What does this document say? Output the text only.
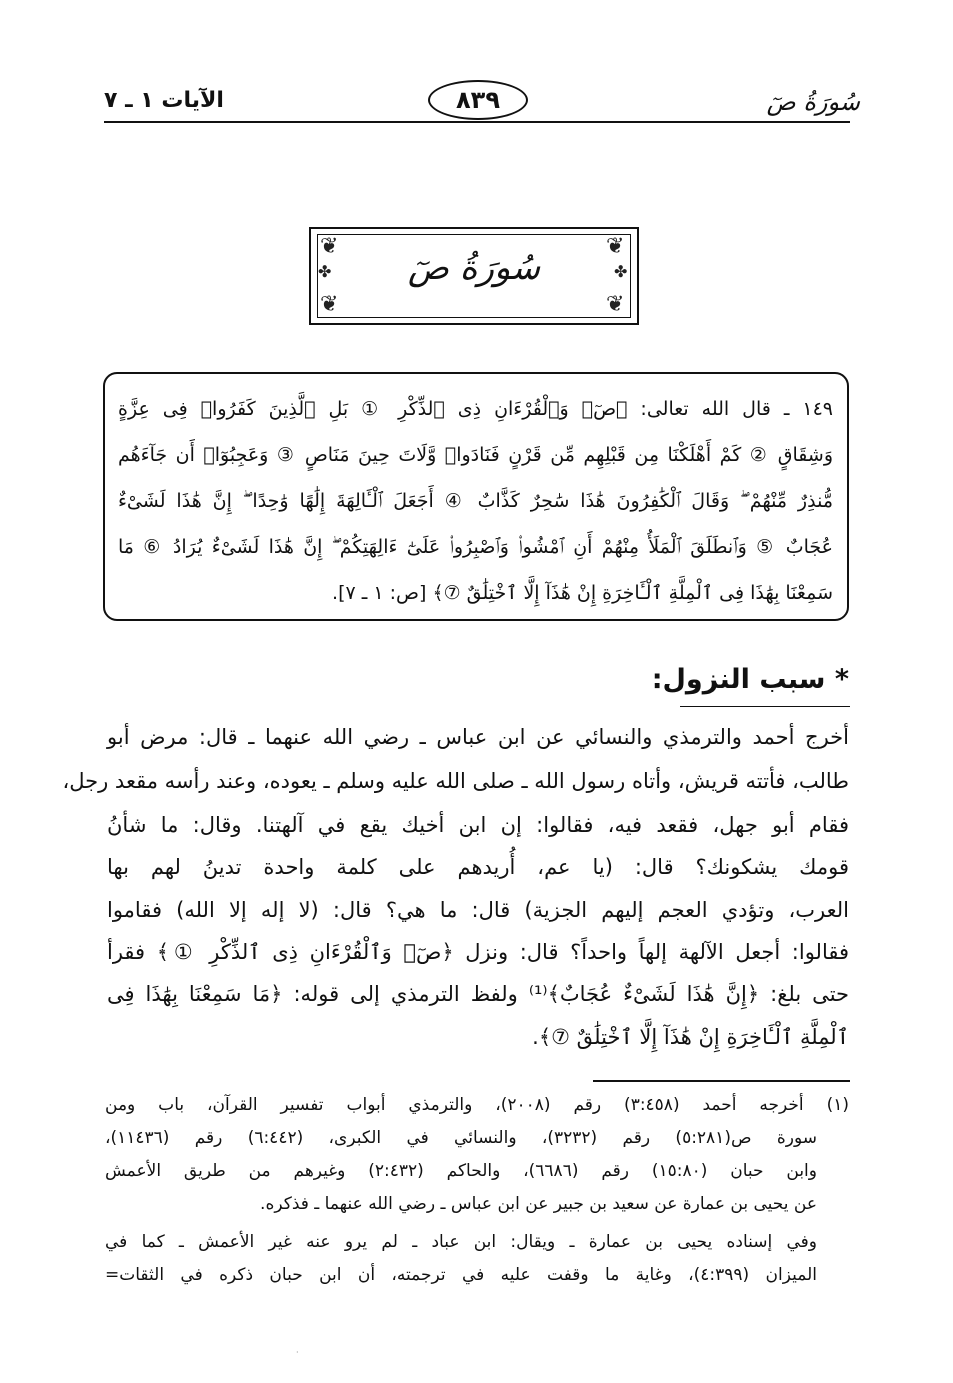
سُورَةُ صٓ
٨٣٩
الآيات ١ ـ ٧
❦	❦
❦	❦
✤	✤
سُورَةُ صٓ
١٤٩ ـ قال الله تعالى: ﴿صٓۚ وَٱلْقُرْءَانِ ذِى ٱلذِّكْرِ ① بَلِ ٱلَّذِينَ كَفَرُوا۟ فِى عِزَّةٍ
وَشِقَاقٍ ② كَمْ أَهْلَكْنَا مِن قَبْلِهِم مِّن قَرْنٍ فَنَادَوا۟ وَّلَاتَ حِينَ مَنَاصٍ ③ وَعَجِبُوٓا۟ أَن جَآءَهُم
مُّنذِرٌ مِّنْهُمْ ۖ وَقَالَ ٱلْكَٰفِرُونَ هَٰذَا سَٰحِرٌ كَذَّابٌ ④ أَجَعَلَ ٱلْـَٔالِهَةَ إِلَٰهًا وَٰحِدًا ۖ إِنَّ هَٰذَا لَشَىْءٌ
عُجَابٌ ⑤ وَٱنطَلَقَ ٱلْمَلَأُ مِنْهُمْ أَنِ ٱمْشُوا۟ وَٱصْبِرُوا۟ عَلَىٰٓ ءَالِهَتِكُمْ ۖ إِنَّ هَٰذَا لَشَىْءٌ يُرَادُ ⑥ مَا
سَمِعْنَا بِهَٰذَا فِى ٱلْمِلَّةِ ٱلْـَٔاخِرَةِ إِنْ هَٰذَآ إِلَّا ٱخْتِلَٰقٌ ⑦﴾ [ص: ١ ـ ٧].
* سبب النزول:
أخرج أحمد والترمذي والنسائي عن ابن عباس ـ رضي الله عنهما ـ قال: مرض أبو
طالب، فأتته قريش، وأتاه رسول الله ـ صلى الله عليه وسلم ـ يعوده، وعند رأسه مقعد رجل،
فقام أبو جهل، فقعد فيه، فقالوا: إن ابن أخيك يقع في آلهتنا. وقال: ما شأنُ
قومك يشكونك؟ قال: (يا عم، أُريدهم على كلمة واحدة تدينُ لهم بها
العرب، وتؤدي العجم إليهم الجزية) قال: ما هي؟ قال: (لا إله إلا الله) فقاموا
فقالوا: أجعل الآلهة إلهاً واحداً؟ قال: ونزل ﴿صٓۚ وَٱلْقُرْءَانِ ذِى ٱلذِّكْرِ ①﴾ فقرأ
حتى بلغ: ﴿إِنَّ هَٰذَا لَشَىْءٌ عُجَابٌ﴾⁽¹⁾ ولفظ الترمذي إلى قوله: ﴿مَا سَمِعْنَا بِهَٰذَا فِى
ٱلْمِلَّةِ ٱلْـَٔاخِرَةِ إِنْ هَٰذَآ إِلَّا ٱخْتِلَٰقٌ ⑦﴾.
(١) أخرجه أحمد (٣:٤٥٨) رقم (٢٠٠٨)، والترمذي أبواب تفسير القرآن، باب ومن
سورة ص(٥:٢٨١) رقم (٣٢٣٢)، والنسائي في الكبرى، (٦:٤٤٢) رقم (١١٤٣٦)،
وابن حبان (١٥:٨٠) رقم (٦٦٨٦)، والحاكم (٢:٤٣٢) وغيرهم من طريق الأعمش
عن يحيى بن عمارة عن سعيد بن جبير عن ابن عباس ـ رضي الله عنهما ـ فذكره.
وفي إسناده يحيى بن عمارة ـ ويقال: ابن عباد ـ لم يرو عنه غير الأعمش ـ كما في
الميزان (٤:٣٩٩)، وغاية ما وقفت عليه في ترجمته، أن ابن حبان ذكره في الثقات=
·
